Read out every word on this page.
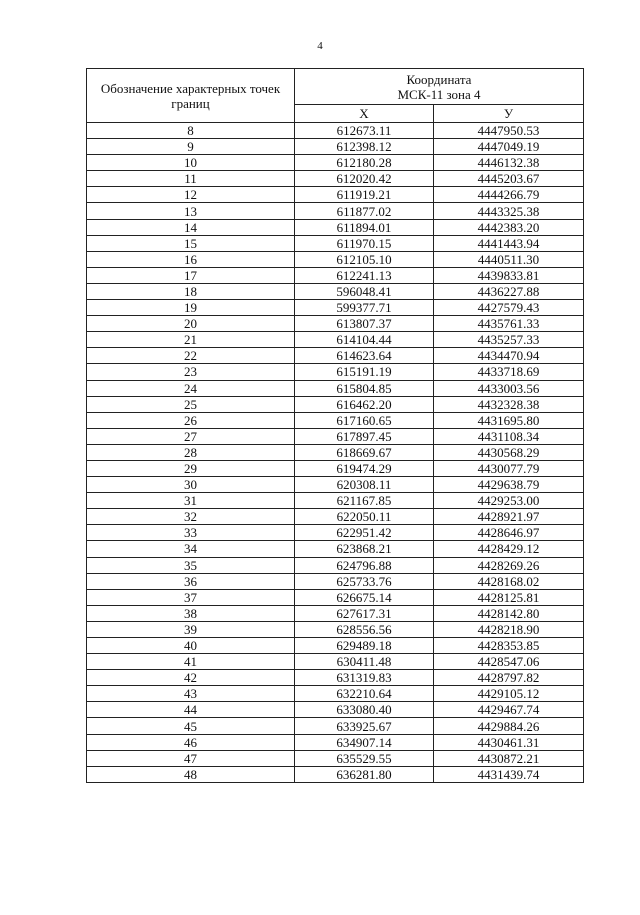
4
Обозначение характерных точек границ	Координата
МСК-11 зона 4	
	Х	У
8	612673.11	4447950.53
9	612398.12	4447049.19
10	612180.28	4446132.38
11	612020.42	4445203.67
12	611919.21	4444266.79
13	611877.02	4443325.38
14	611894.01	4442383.20
15	611970.15	4441443.94
16	612105.10	4440511.30
17	612241.13	4439833.81
18	596048.41	4436227.88
19	599377.71	4427579.43
20	613807.37	4435761.33
21	614104.44	4435257.33
22	614623.64	4434470.94
23	615191.19	4433718.69
24	615804.85	4433003.56
25	616462.20	4432328.38
26	617160.65	4431695.80
27	617897.45	4431108.34
28	618669.67	4430568.29
29	619474.29	4430077.79
30	620308.11	4429638.79
31	621167.85	4429253.00
32	622050.11	4428921.97
33	622951.42	4428646.97
34	623868.21	4428429.12
35	624796.88	4428269.26
36	625733.76	4428168.02
37	626675.14	4428125.81
38	627617.31	4428142.80
39	628556.56	4428218.90
40	629489.18	4428353.85
41	630411.48	4428547.06
42	631319.83	4428797.82
43	632210.64	4429105.12
44	633080.40	4429467.74
45	633925.67	4429884.26
46	634907.14	4430461.31
47	635529.55	4430872.21
48	636281.80	4431439.74
